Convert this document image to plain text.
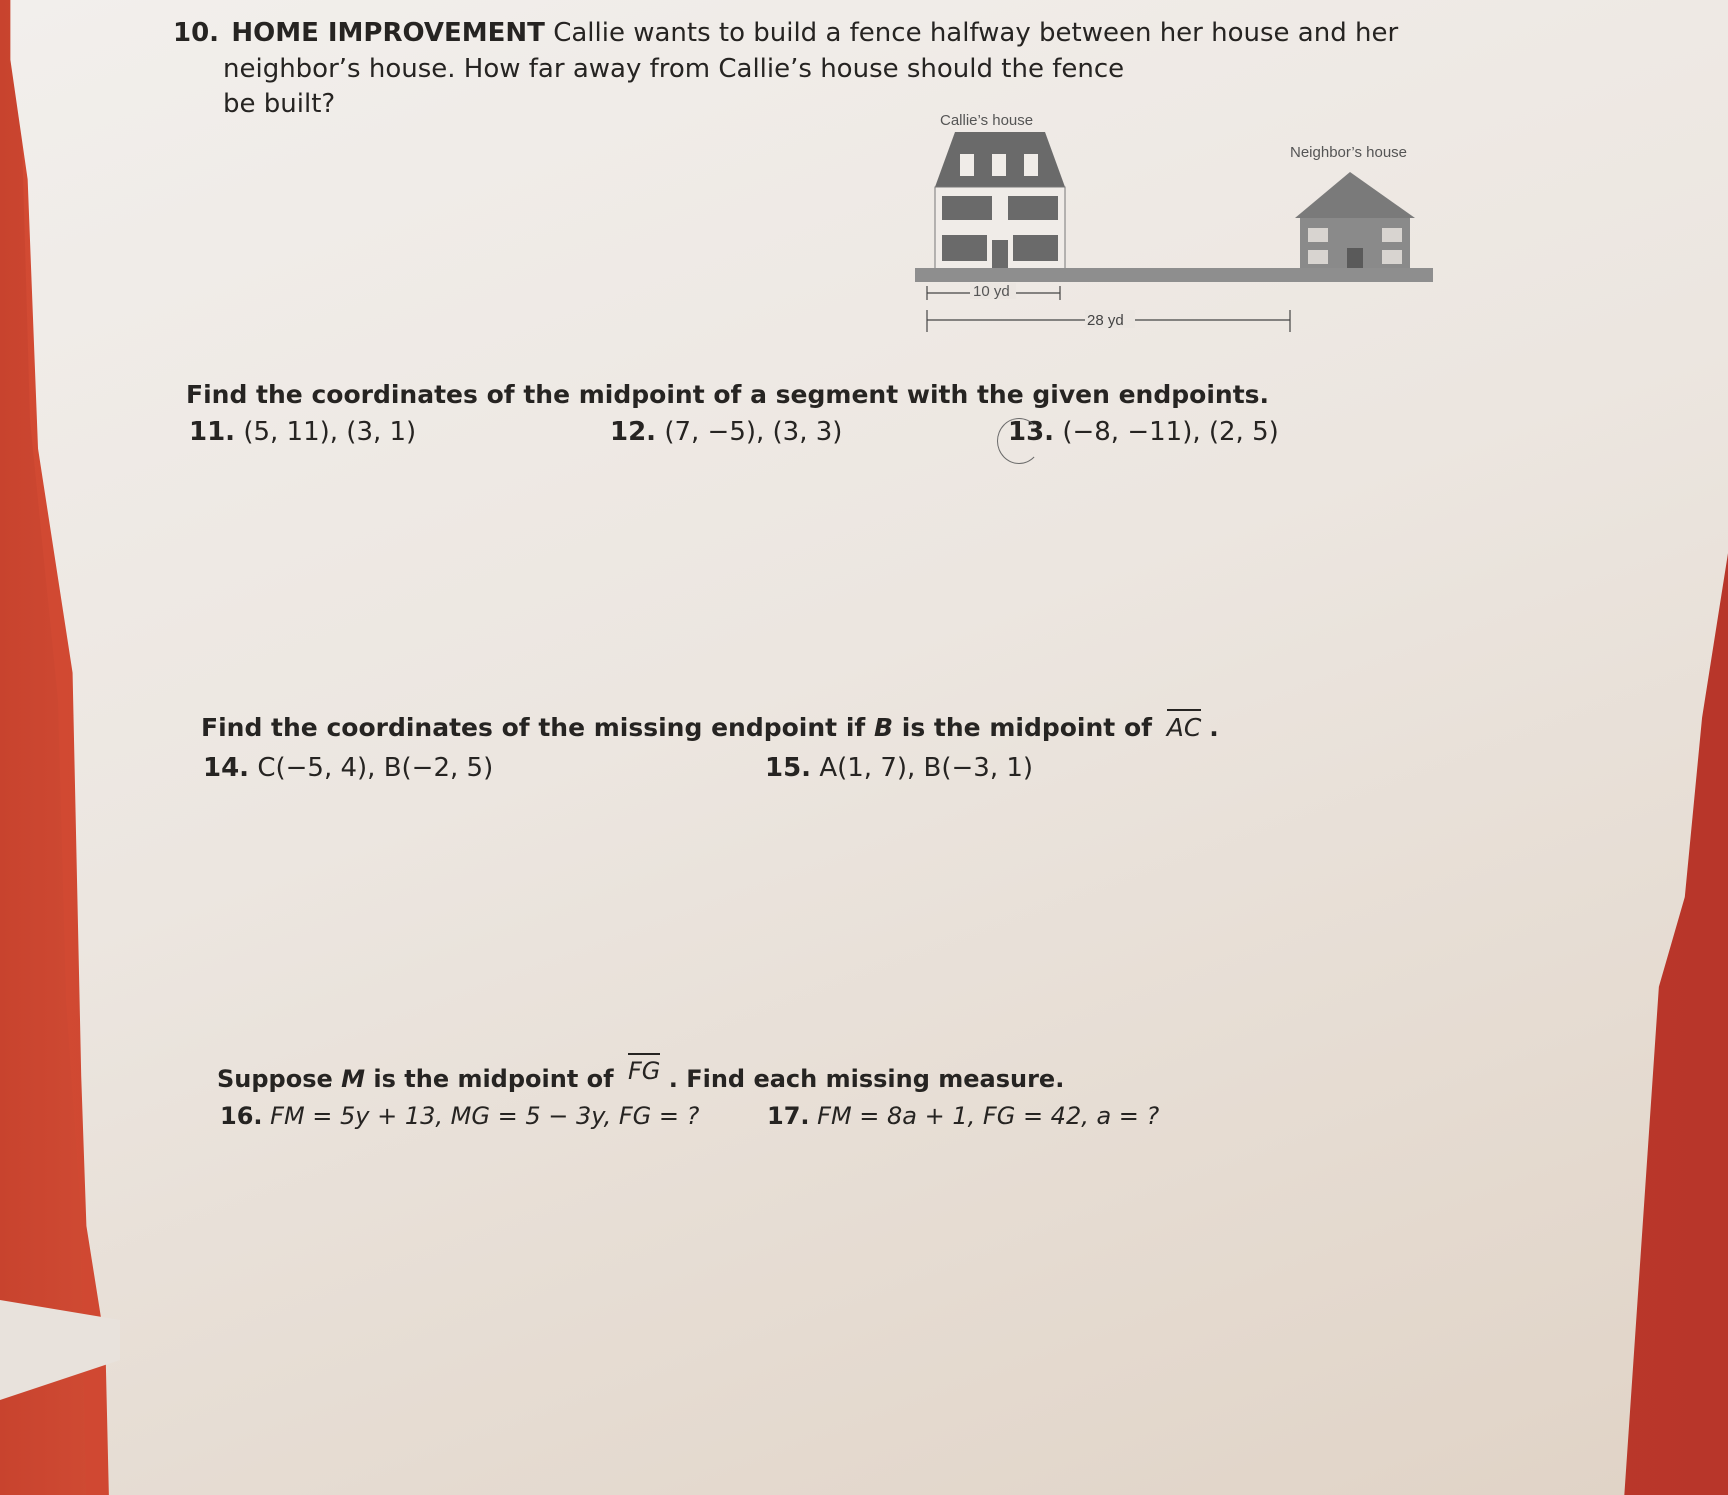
10. HOME IMPROVEMENT Callie wants to build a fence halfway between her house and her
neighbor’s house. How far away from Callie’s house should the fence
be built?
Callie’s house
Neighbor’s house
10 yd
28 yd
Find the coordinates of the midpoint of a segment with the given endpoints.
11. (5, 11), (3, 1)	12. (7, −5), (3, 3)	13. (−8, −11), (2, 5)
Find the coordinates of the missing endpoint if B is the midpoint of AC .
14. C(−5, 4), B(−2, 5)	15. A(1, 7), B(−3, 1)
Suppose M is the midpoint of FG . Find each missing measure.
16. FM = 5y + 13, MG = 5 − 3y, FG = ?	17. FM = 8a + 1, FG = 42, a = ?
